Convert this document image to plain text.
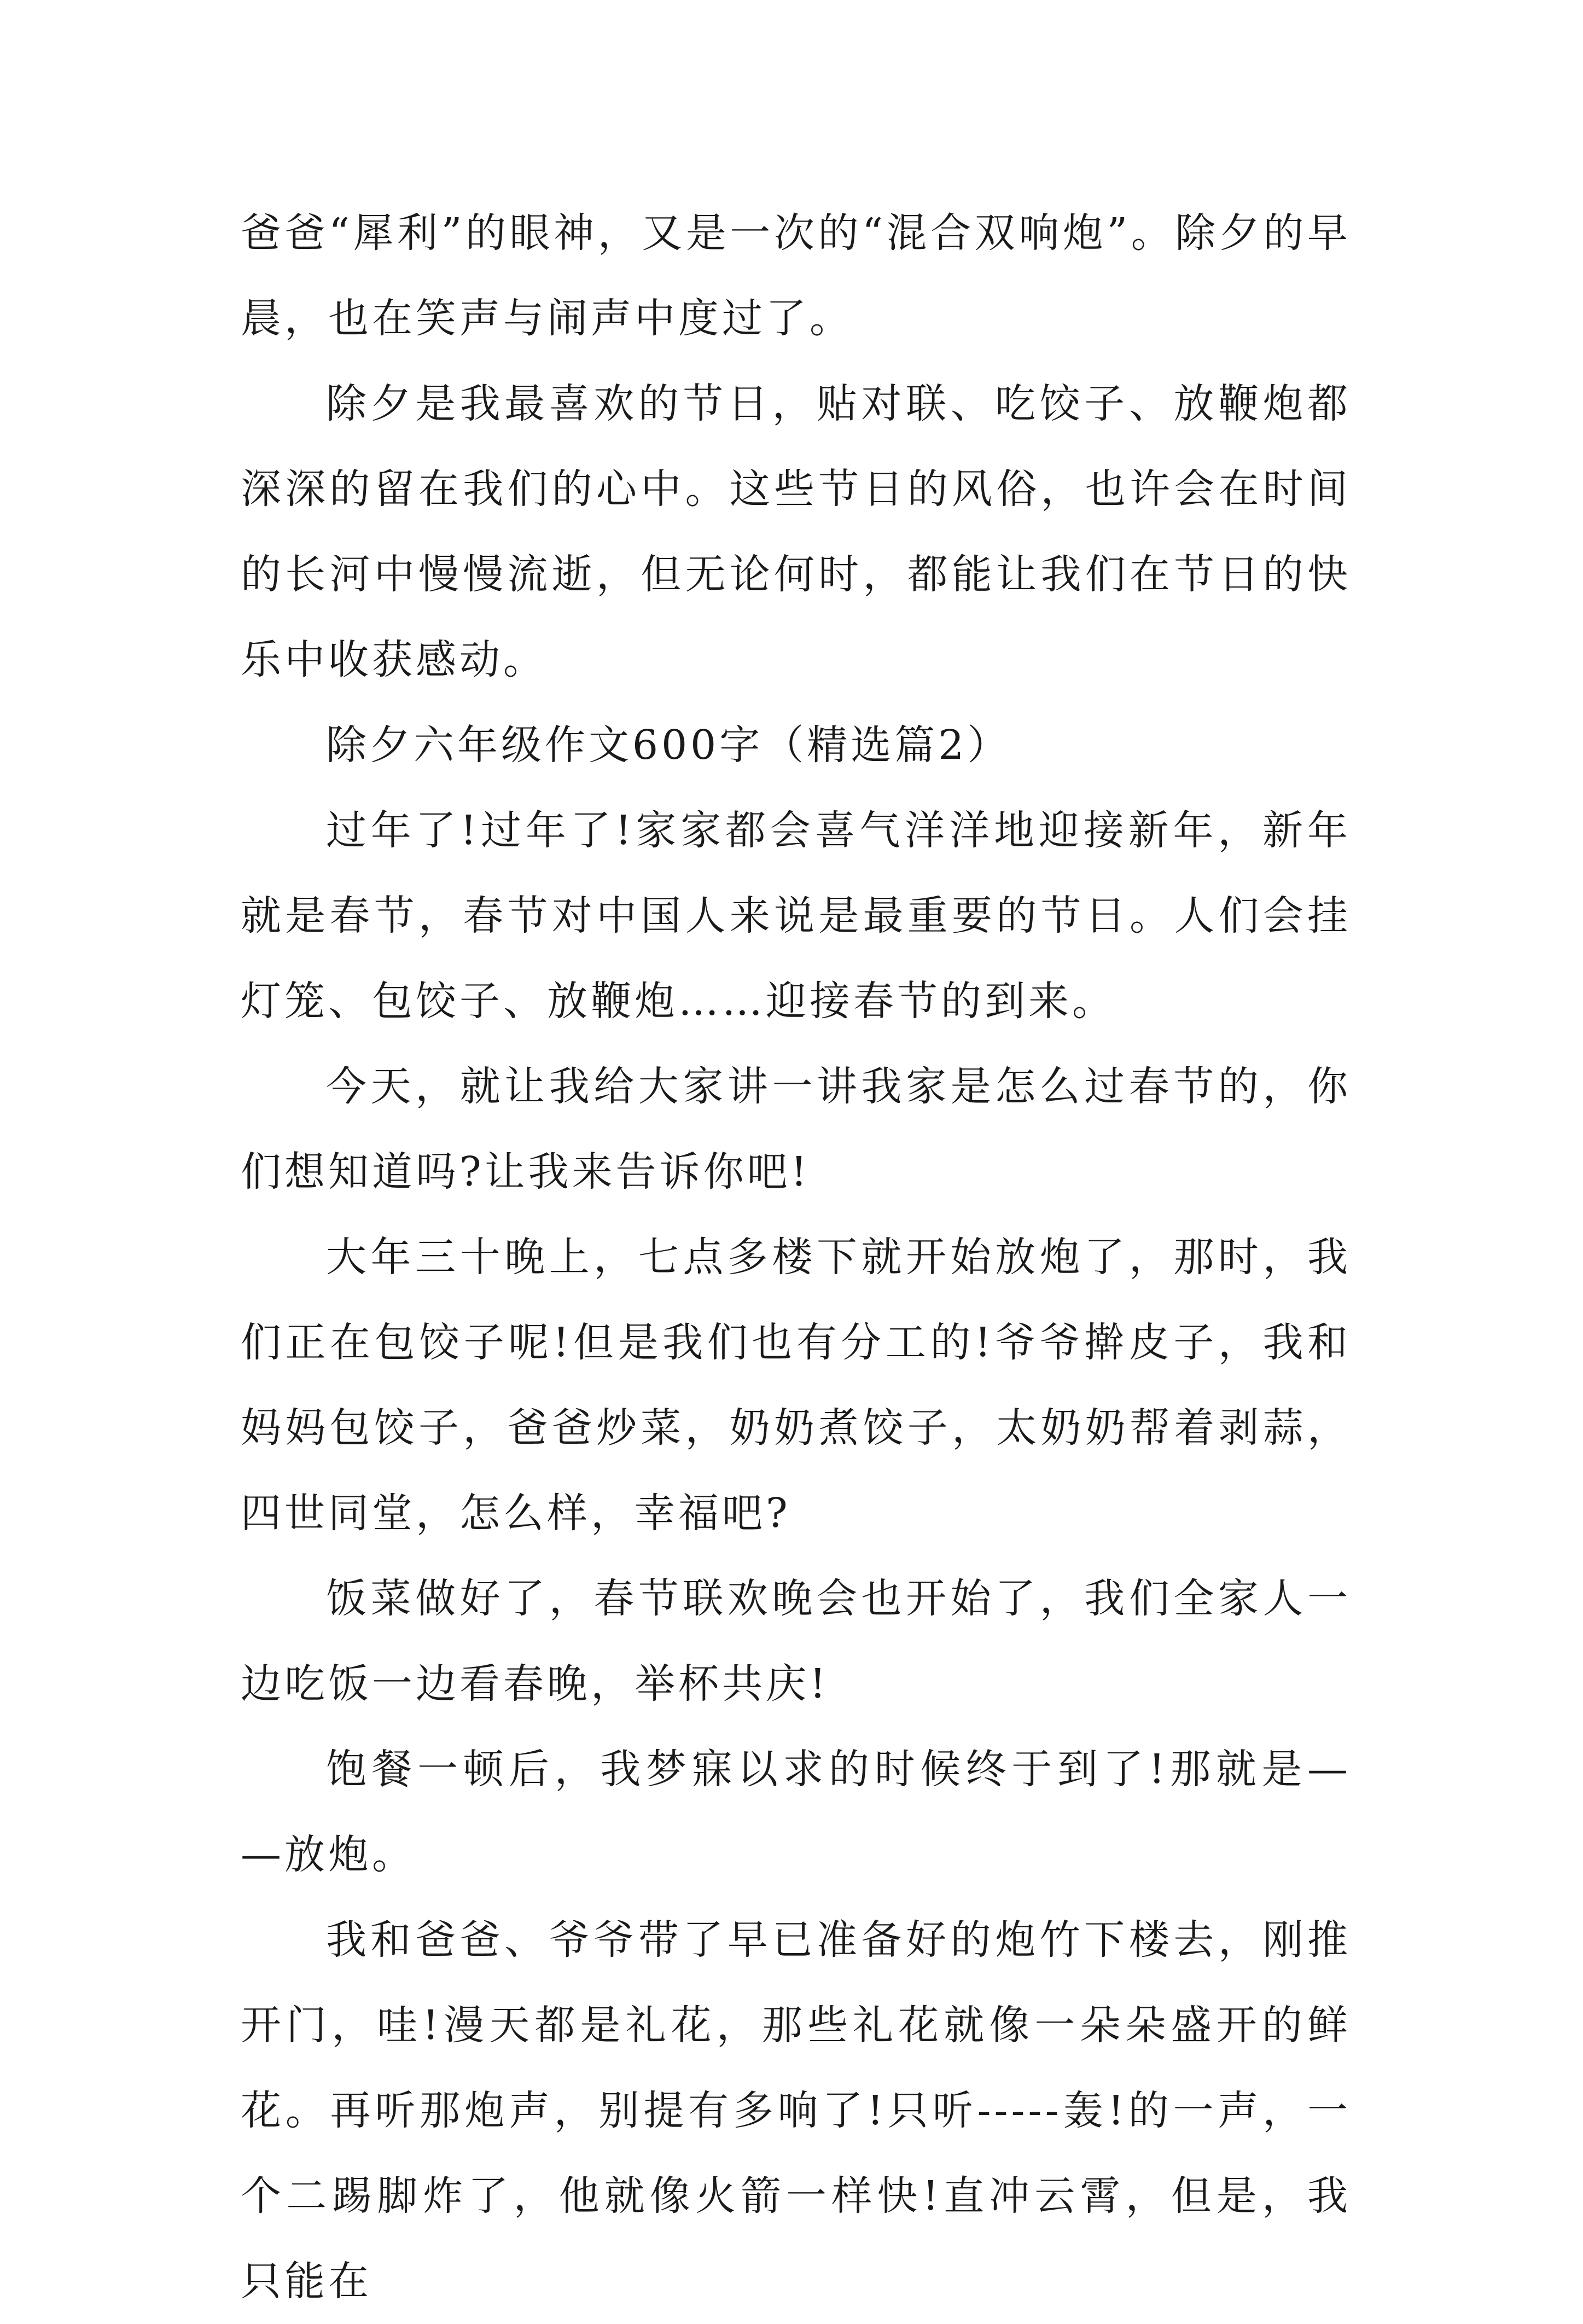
爸爸“犀利”的眼神，又是一次的“混合双响炮”。除夕的早晨，也在笑声与闹声中度过了。

除夕是我最喜欢的节日，贴对联、吃饺子、放鞭炮都深深的留在我们的心中。这些节日的风俗，也许会在时间的长河中慢慢流逝，但无论何时，都能让我们在节日的快乐中收获感动。

除夕六年级作文600字（精选篇2）

过年了!过年了!家家都会喜气洋洋地迎接新年，新年就是春节，春节对中国人来说是最重要的节日。人们会挂灯笼、包饺子、放鞭炮……迎接春节的到来。

今天，就让我给大家讲一讲我家是怎么过春节的，你们想知道吗?让我来告诉你吧!

大年三十晚上，七点多楼下就开始放炮了，那时，我们正在包饺子呢!但是我们也有分工的!爷爷擀皮子，我和妈妈包饺子，爸爸炒菜，奶奶煮饺子，太奶奶帮着剥蒜，四世同堂，怎么样，幸福吧?

饭菜做好了，春节联欢晚会也开始了，我们全家人一边吃饭一边看春晚，举杯共庆!

饱餐一顿后，我梦寐以求的时候终于到了!那就是——放炮。

我和爸爸、爷爷带了早已准备好的炮竹下楼去，刚推开门，哇!漫天都是礼花，那些礼花就像一朵朵盛开的鲜花。再听那炮声，别提有多响了!只听-----轰!的一声，一个二踢脚炸了，他就像火箭一样快!直冲云霄，但是，我只能在
